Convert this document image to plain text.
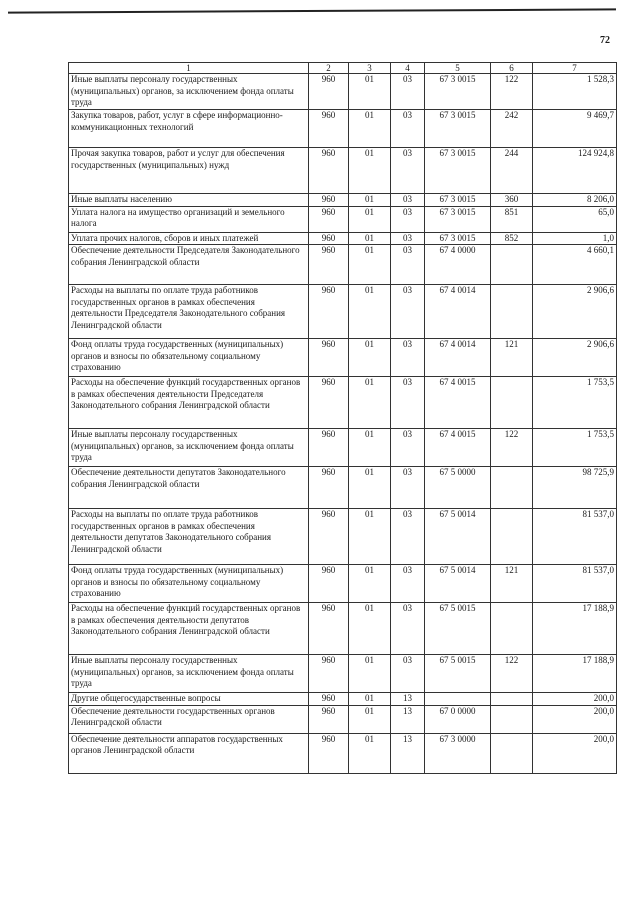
72
1	2	3	4	5	6	7
Иные выплаты персоналу государственных (муниципальных) органов, за исключением фонда оплаты труда	960	01	03	67 3 0015	122	1 528,3
Закупка товаров, работ, услуг в сфере информационно-коммуникационных технологий	960	01	03	67 3 0015	242	9 469,7
Прочая закупка товаров, работ и услуг для обеспечения государственных (муниципальных) нужд	960	01	03	67 3 0015	244	124 924,8
Иные выплаты населению	960	01	03	67 3 0015	360	8 206,0
Уплата налога на имущество организаций и земельного налога	960	01	03	67 3 0015	851	65,0
Уплата прочих налогов, сборов и иных платежей	960	01	03	67 3 0015	852	1,0
Обеспечение деятельности Председателя Законодательного собрания Ленинградской области	960	01	03	67 4 0000		4 660,1
Расходы на выплаты по оплате труда работников государственных органов в рамках обеспечения деятельности Председателя Законодательного собрания Ленинградской области	960	01	03	67 4 0014		2 906,6
Фонд оплаты труда государственных (муниципальных) органов и взносы по обязательному социальному страхованию	960	01	03	67 4 0014	121	2 906,6
Расходы на обеспечение функций государственных органов в рамках обеспечения деятельности Председателя Законодательного собрания Ленинградской области	960	01	03	67 4 0015		1 753,5
Иные выплаты персоналу государственных (муниципальных) органов, за исключением фонда оплаты труда	960	01	03	67 4 0015	122	1 753,5
Обеспечение деятельности депутатов Законодательного собрания Ленинградской области	960	01	03	67 5 0000		98 725,9
Расходы на выплаты по оплате труда работников государственных органов в рамках обеспечения деятельности депутатов Законодательного собрания Ленинградской области	960	01	03	67 5 0014		81 537,0
Фонд оплаты труда государственных (муниципальных) органов и взносы по обязательному социальному страхованию	960	01	03	67 5 0014	121	81 537,0
Расходы на обеспечение функций государственных органов в рамках обеспечения деятельности депутатов Законодательного собрания Ленинградской области	960	01	03	67 5 0015		17 188,9
Иные выплаты персоналу государственных (муниципальных) органов, за исключением фонда оплаты труда	960	01	03	67 5 0015	122	17 188,9
Другие общегосударственные вопросы	960	01	13			200,0
Обеспечение деятельности государственных органов Ленинградской области	960	01	13	67 0 0000		200,0
Обеспечение деятельности аппаратов государственных органов Ленинградской области	960	01	13	67 3 0000		200,0
